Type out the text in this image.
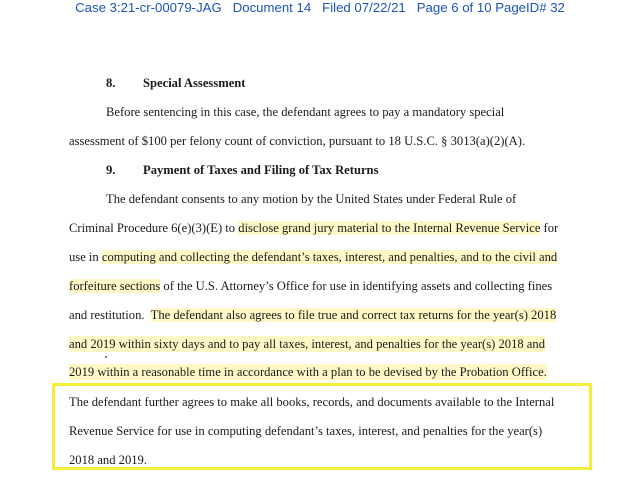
Case 3:21-cr-00079-JAG Document 14 Filed 07/22/21 Page 6 of 10 PageID# 32
8. Special Assessment
Before sentencing in this case, the defendant agrees to pay a mandatory special
assessment of $100 per felony count of conviction, pursuant to 18 U.S.C. § 3013(a)(2)(A).
9. Payment of Taxes and Filing of Tax Returns
The defendant consents to any motion by the United States under Federal Rule of
Criminal Procedure 6(e)(3)(E) to disclose grand jury material to the Internal Revenue Service for
use in computing and collecting the defendant’s taxes, interest, and penalties, and to the civil and
forfeiture sections of the U.S. Attorney’s Office for use in identifying assets and collecting fines
and restitution.  The defendant also agrees to file true and correct tax returns for the year(s) 2018
and 2019 within sixty days and to pay all taxes, interest, and penalties for the year(s) 2018 and
2019 within a reasonable time in accordance with a plan to be devised by the Probation Office.
The defendant further agrees to make all books, records, and documents available to the Internal
Revenue Service for use in computing defendant’s taxes, interest, and penalties for the year(s)
2018 and 2019.
